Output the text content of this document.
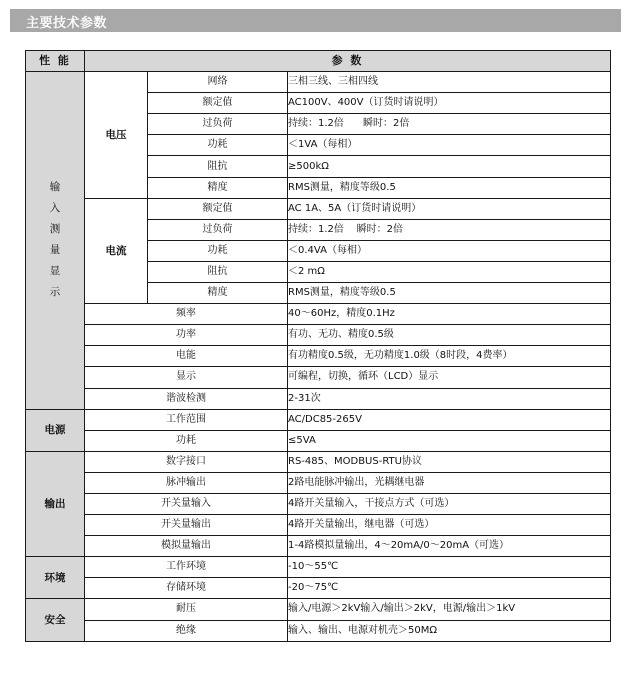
主要技术参数
性 能	参 数		
输入测量显示	电压	网络	三相三线、三相四线
		额定值	AC100V、400V（订货时请说明）
		过负荷	持续：1.2倍      瞬时：2倍
		功耗	＜1VA（每相）
		阻抗	≥500kΩ
		精度	RMS测量，精度等级0.5
	电流	额定值	AC 1A、5A（订货时请说明）
		过负荷	持续：1.2倍    瞬时：2倍
		功耗	＜0.4VA（每相）
		阻抗	＜2 mΩ
		精度	RMS测量，精度等级0.5
	频率		40～60Hz，精度0.1Hz
	功率		有功、无功、精度0.5级
	电能		有功精度0.5级，无功精度1.0级（8时段，4费率）
	显示		可编程，切换，循环（LCD）显示
	谐波检测		2-31次
电源	工作范围		AC/DC85-265V
	功耗		≤5VA
输出	数字接口		RS-485、MODBUS-RTU协议
	脉冲输出		2路电能脉冲输出，光耦继电器
	开关量输入		4路开关量输入，干接点方式（可选）
	开关量输出		4路开关量输出，继电器（可选）
	模拟量输出		1-4路模拟量输出，4～20mA/0～20mA（可选）
环境	工作环境		-10～55℃
	存储环境		-20～75℃
安全	耐压		输入/电源＞2kV输入/输出＞2kV，电源/输出＞1kV
	绝缘		输入、输出、电源对机壳＞50MΩ
